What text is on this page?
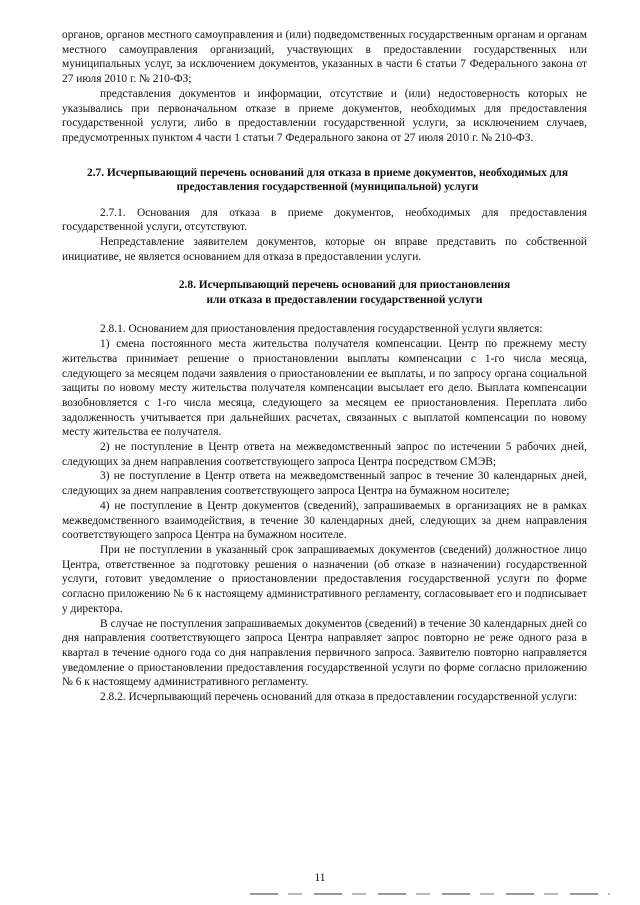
органов, органов местного самоуправления и (или) подведомственных государственным органам и органам местного самоуправления организаций, участвующих в предоставлении государственных или муниципальных услуг, за исключением документов, указанных в части 6 статьи 7 Федерального закона от 27 июля 2010 г. № 210-ФЗ;

представления документов и информации, отсутствие и (или) недостоверность которых не указывались при первоначальном отказе в приеме документов, необходимых для предоставления государственной услуги, либо в предоставлении государственной услуги, за исключением случаев, предусмотренных пунктом 4 части 1 статьи 7 Федерального закона от 27 июля 2010 г. № 210-ФЗ.

2.7. Исчерпывающий перечень оснований для отказа в приеме документов, необходимых для предоставления государственной (муниципальной) услуги

2.7.1. Основания для отказа в приеме документов, необходимых для предоставления государственной услуги, отсутствуют.

Непредставление заявителем документов, которые он вправе представить по собственной инициативе, не является основанием для отказа в предоставлении услуги.

2.8. Исчерпывающий перечень оснований для приостановления
или отказа в предоставлении государственной услуги

2.8.1. Основанием для приостановления предоставления государственной услуги является:

1) смена постоянного места жительства получателя компенсации. Центр по прежнему месту жительства принимает решение о приостановлении выплаты компенсации с 1-го числа месяца, следующего за месяцем подачи заявления о приостановлении ее выплаты, и по запросу органа социальной защиты по новому месту жительства получателя компенсации высылает его дело. Выплата компенсации возобновляется с 1-го числа месяца, следующего за месяцем ее приостановления. Переплата либо задолженность учитывается при дальнейших расчетах, связанных с выплатой компенсации по новому месту жительства ее получателя.

2) не поступление в Центр ответа на межведомственный запрос по истечении 5 рабочих дней, следующих за днем направления соответствующего запроса Центра посредством СМЭВ;

3) не поступление в Центр ответа на межведомственный запрос в течение 30 календарных дней, следующих за днем направления соответствующего запроса Центра на бумажном носителе;

4) не поступление в Центр документов (сведений), запрашиваемых в организациях не в рамках межведомственного взаимодействия, в течение 30 календарных дней, следующих за днем направления соответствующего запроса Центра на бумажном носителе.

При не поступлении в указанный срок запрашиваемых документов (сведений) должностное лицо Центра, ответственное за подготовку решения о назначении (об отказе в назначении) государственной услуги, готовит уведомление о приостановлении предоставления государственной услуги по форме согласно приложению № 6 к настоящему административного регламенту, согласовывает его и подписывает у директора.

В случае не поступления запрашиваемых документов (сведений) в течение 30 календарных дней со дня направления соответствующего запроса Центра направляет запрос повторно не реже одного раза в квартал в течение одного года со дня направления первичного запроса. Заявителю повторно направляется уведомление о приостановлении предоставления государственной услуги по форме согласно приложению № 6 к настоящему административного регламенту.

2.8.2. Исчерпывающий перечень оснований для отказа в предоставлении государственной услуги:

11
